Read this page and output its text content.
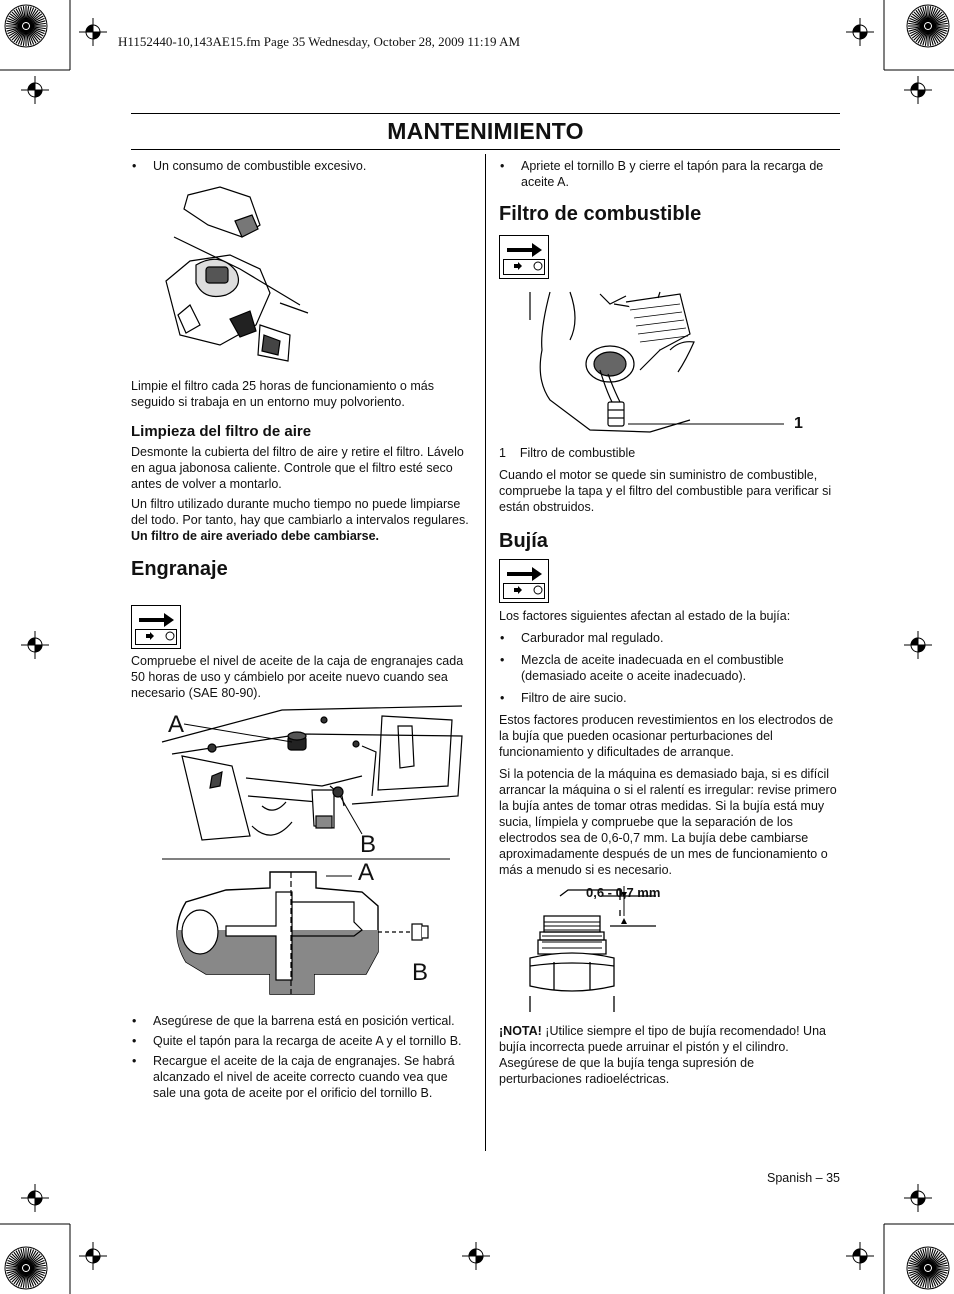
H1152440-10,143AE15.fm Page 35 Wednesday, October 28, 2009 11:19 AM
MANTENIMIENTO
• Un consumo de combustible excesivo.

Limpie el filtro cada 25 horas de funcionamiento o más seguido si trabaja en un entorno muy polvoriento.

Limpieza del filtro de aire

Desmonte la cubierta del filtro de aire y retire el filtro. Lávelo en agua jabonosa caliente. Controle que el filtro esté seco antes de volver a montarlo.

Un filtro utilizado durante mucho tiempo no puede limpiarse del todo. Por tanto, hay que cambiarlo a intervalos regulares. Un filtro de aire averiado debe cambiarse.

Engranaje

Compruebe el nivel de aceite de la caja de engranajes cada 50 horas de uso y cámbielo por aceite nuevo cuando sea necesario (SAE 80-90).

A
B
A
B
• Asegúrese de que la barrena está en posición vertical.
• Quite el tapón para la recarga de aceite A y el tornillo B.
• Recargue el aceite de la caja de engranajes. Se habrá alcanzado el nivel de aceite correcto cuando vea que sale una gota de aceite por el orificio del tornillo B.
• Apriete el tornillo B y cierre el tapón para la recarga de aceite A.
Filtro de combustible
1

1    Filtro de combustible

Cuando el motor se quede sin suministro de combustible, compruebe la tapa y el filtro del combustible para verificar si están obstruidos.

Bujía

Los factores siguientes afectan al estado de la bujía:

• Carburador mal regulado.
• Mezcla de aceite inadecuada en el combustible (demasiado aceite o aceite inadecuado).
• Filtro de aire sucio.

Estos factores producen revestimientos en los electrodos de la bujía que pueden ocasionar perturbaciones del funcionamiento y dificultades de arranque.

Si la potencia de la máquina es demasiado baja, si es difícil arrancar la máquina o si el ralentí es irregular: revise primero la bujía antes de tomar otras medidas. Si la bujía está muy sucia, límpiela y compruebe que la separación de los electrodos sea de 0,6-0,7 mm. La bujía debe cambiarse aproximadamente después de un mes de funcionamiento o más a menudo si es necesario.

0,6 - 0,7 mm

¡NOTA! ¡Utilice siempre el tipo de bujía recomendado! Una bujía incorrecta puede arruinar el pistón y el cilindro. Asegúrese de que la bujía tenga supresión de perturbaciones radioeléctricas.

Spanish – 35
